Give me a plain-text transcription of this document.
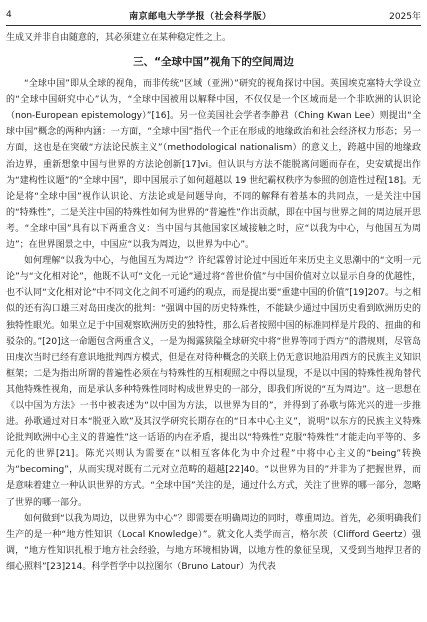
4	南京邮电大学学报（社会科学版）	2025年

生成又并非自由随意的，其必须建立在某种稳定性之上。

三、“全球中国”视角下的空间周边

“全球中国”即从全球的视角，而非传统“区域（亚洲）”研究的视角探讨中国。英国埃克塞特大学设立的“全球中国研究中心”认为，“全球中国被用以解释中国，不仅仅是一个区域而是一个非欧洲的认识论（non-European epistemology）”[16]。另一位美国社会学者李静君（Ching Kwan Lee）则提出“全球中国”概念的两种内涵：一方面，“全球中国”指代一个正在形成的地缘政治和社会经济权力形态；另一方面，这也是在突破“方法论民族主义”（methodological nationalism）的意义上，跨越中国的地缘政治边界，重新想象中国与世界的方法论创新[17]vi。但认识与方法不能脱离问题而存在，史安斌提出作为“建构性议题”的“全球中国”，即中国展示了如何超越以 19 世纪霸权秩序为参照的创造性过程[18]。无论是将“全球中国”视作认识论、方法论或是问题导向，不同的解释有着基本的共同点，一是关注中国的“特殊性”，二是关注中国的特殊性如何为世界的“普遍性”作出贡献，即在中国与世界之间的周边展开思考。“全球中国”具有以下两重含义：当中国与其他国家区域接触之时，应“以我为中心，与他国互为周边”；在世界图景之中，中国应“以我为周边，以世界为中心”。

如何理解“以我为中心，与他国互为周边”？许纪霖曾讨论过中国近年来历史主义思潮中的“文明一元论”与“文化相对论”，他既不认可“文化一元论”通过将“普世价值”与中国价值对立以显示自身的优越性，也不认同“文化相对论”中不同文化之间不可通约的观点，而是提出要“重建中国的价值”[19]207。与之相似的还有沟口雄三对岛田虔次的批判：“强调中国的历史特殊性，不能缺少通过中国历史看到欧洲历史的独特性眼光。如果立足于中国观察欧洲历史的独特性，那么后者按照中国的标准同样是片段的、扭曲的和驳杂的。”[20]这一命题包含两重含义，一是为揭露狭隘全球研究中将“世界等同于西方”的潜规则，尽管岛田虔次当时已经有意识地批判西方模式，但是在对待种概念的关联上仍无意识地沿用西方的民族主义知识框架；二是为指出所谓的普遍性必须在与特殊性的互相观照之中得以显现，不是以中国的特殊性视角替代其他特殊性视角，而是承认多种特殊性同时构成世界史的一部分，即我们所说的“互为周边”。这一思想在《以中国为方法》一书中被表述为“以中国为方法，以世界为目的”，并得到了孙歌与陈光兴的进一步推进。孙歌通过对日本“脱亚入欧”及其汉学研究长期存在的“日本中心主义”，说明“以东方的民族主义特殊论批判欧洲中心主义的普遍性”这一话语的内在矛盾，提出以“特殊性”克服“特殊性”才能走向平等的、多元化的世界[21]。陈光兴则认为需要在“以相互客体化为中介过程”中将中心主义的“being”转换为“becoming”，从而实现对既有二元对立范畴的超越[22]40。“以世界为目的”并非为了把握世界，而是意味着建立一种认识世界的方式。“全球中国”关注的是，通过什么方式，关注了世界的哪一部分，忽略了世界的哪一部分。

如何做到“以我为周边，以世界为中心”？即需要在明确周边的同时，尊重周边。首先，必须明确我们生产的是一种“地方性知识（Local Knowledge）”。就文化人类学而言，格尔茨（Clifford Geertz）强调，“地方性知识扎根于地方社会经验，与地方环境相协调，以地方性的象征呈现，又受到当地捍卫者的细心照料”[23]214。科学哲学中以拉图尔（Bruno Latour）为代表
